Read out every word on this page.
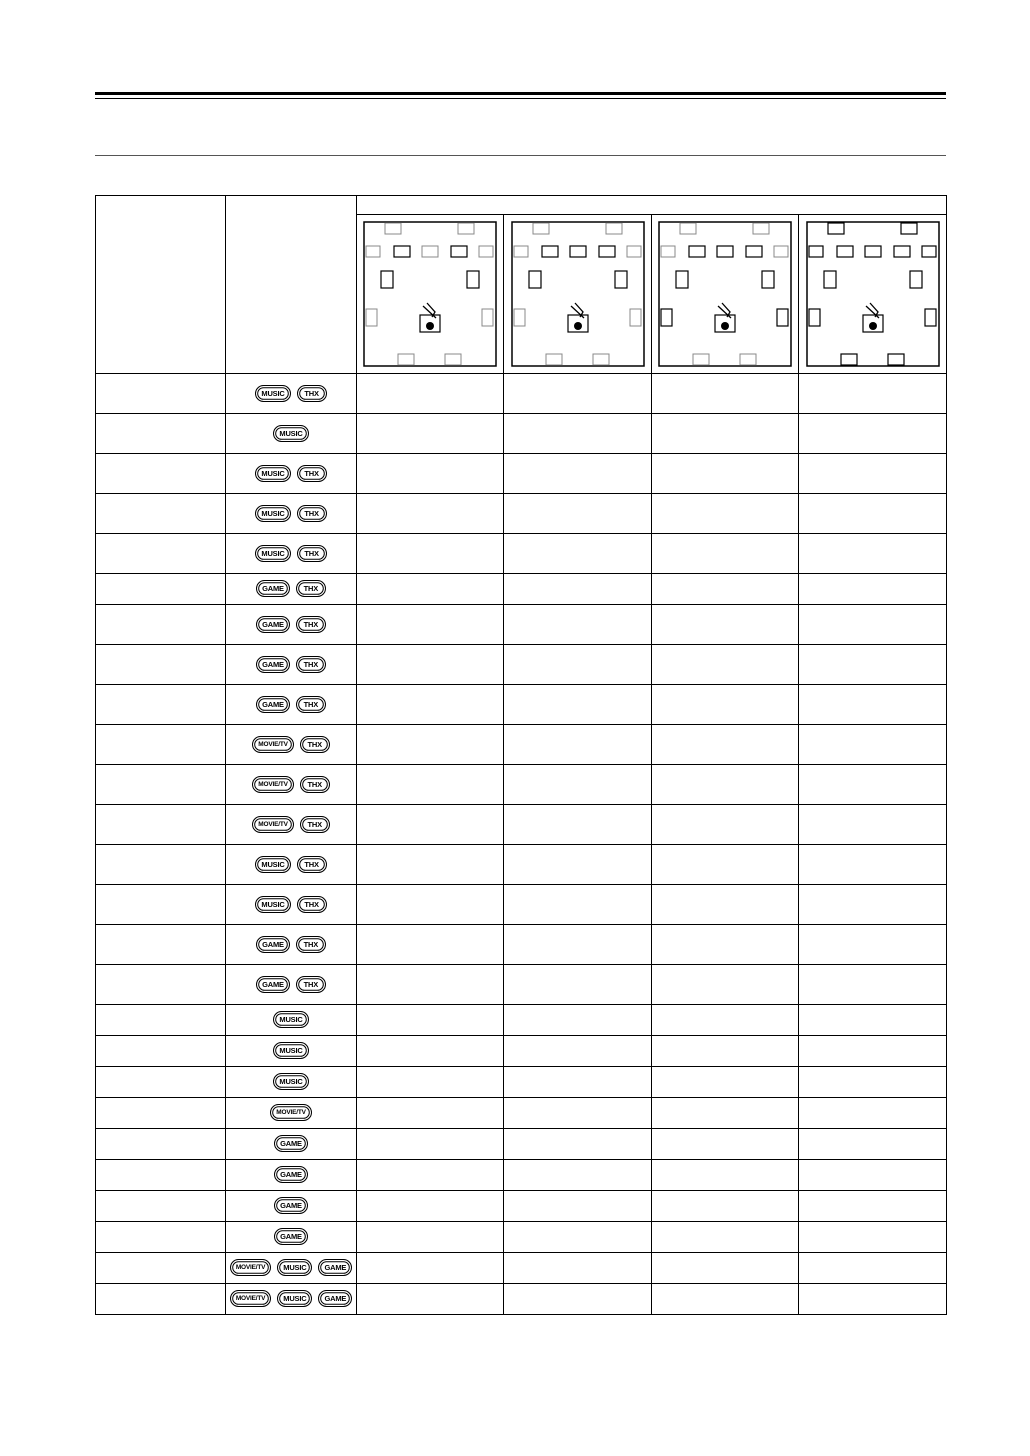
	MUSIC THX				
	MUSIC				
	MUSIC THX				
	MUSIC THX				
	MUSIC THX				
	GAME THX				
	GAME THX				
	GAME THX				
	GAME THX				
	MOVIE/TV THX				
	MOVIE/TV THX				
	MOVIE/TV THX				
	MUSIC THX				
	MUSIC THX				
	GAME THX				
	GAME THX				
	MUSIC				
	MUSIC				
	MUSIC				
	MOVIE/TV				
	GAME				
	GAME				
	GAME				
	GAME				
	MOVIE/TV MUSIC GAME				
	MOVIE/TV MUSIC GAME				
